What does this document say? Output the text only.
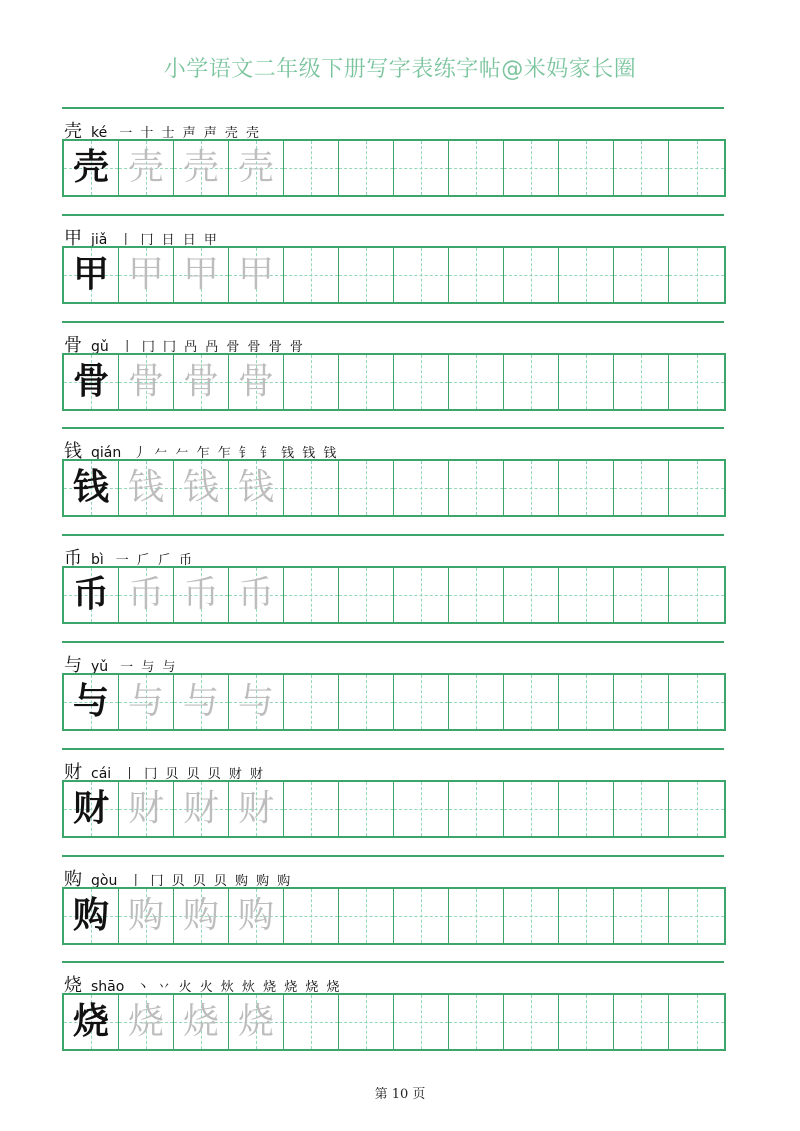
小学语文二年级下册写字表练字帖@米妈家长圈
壳 ké 一 十 士 声 声 壳 壳
壳 壳 壳 壳
甲 jiǎ 丨 冂 日 日 甲
甲 甲 甲 甲
骨 gǔ 丨 冂 冂 冎 冎 骨 骨 骨 骨
骨 骨 骨 骨
钱 qián 丿 𠂉 𠂉 乍 乍 钅 钅 钱 钱 钱
钱 钱 钱 钱
币 bì 一 𠂆 𠂆 币
币 币 币 币
与 yǔ 一 与 与
与 与 与 与
财 cái 丨 冂 贝 贝 贝 财 财
财 财 财 财
购 gòu 丨 冂 贝 贝 贝 购 购 购
购 购 购 购
烧 shāo 丶 丷 火 火 炏 炏 烧 烧 烧 烧
烧 烧 烧 烧
第 10 页
